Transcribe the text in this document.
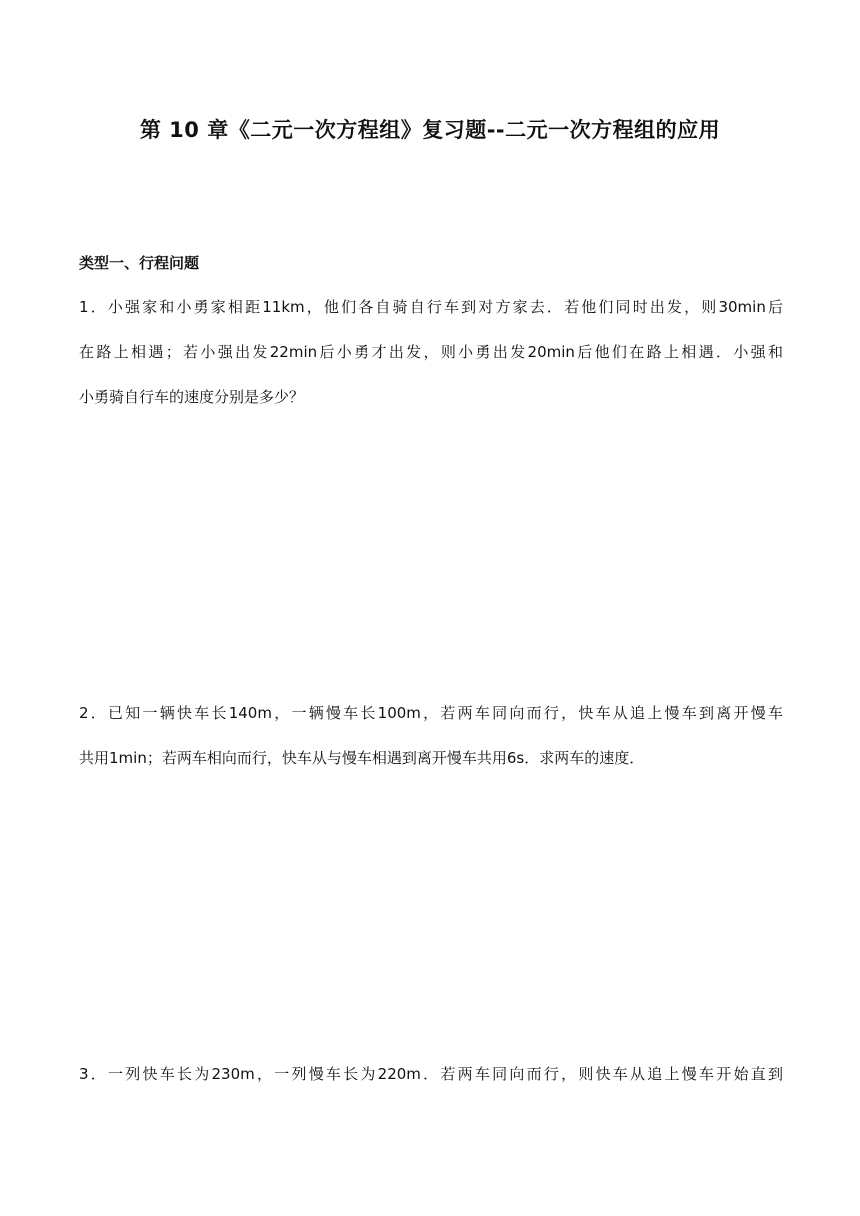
第 10 章《二元一次方程组》复习题--二元一次方程组的应用
类型一、行程问题
1．小强家和小勇家相距11km，他们各自骑自行车到对方家去．若他们同时出发，则30min后
在路上相遇；若小强出发22min后小勇才出发，则小勇出发20min后他们在路上相遇．小强和
小勇骑自行车的速度分别是多少？
2．已知一辆快车长140m，一辆慢车长100m，若两车同向而行，快车从追上慢车到离开慢车
共用1min；若两车相向而行，快车从与慢车相遇到离开慢车共用6s．求两车的速度．
3．一列快车长为230m，一列慢车长为220m．若两车同向而行，则快车从追上慢车开始直到
